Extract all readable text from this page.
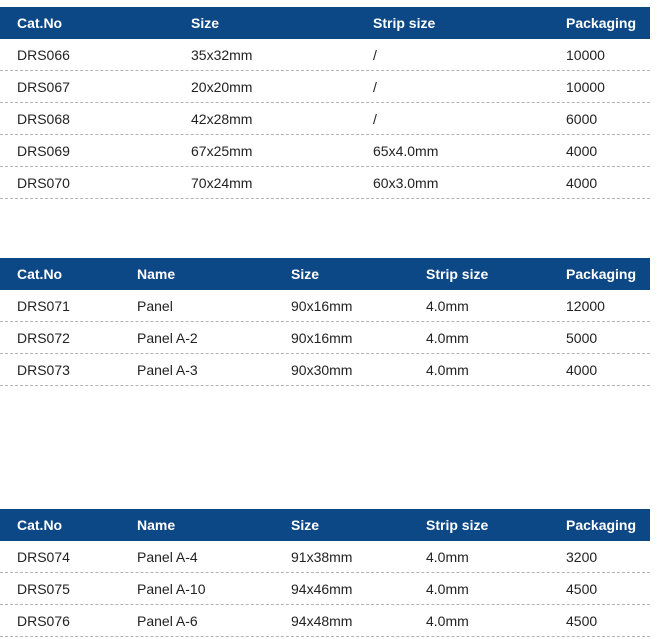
Cat.No	Size	Strip size	Packaging
DRS066	35x32mm	/	10000
DRS067	20x20mm	/	10000
DRS068	42x28mm	/	6000
DRS069	67x25mm	65x4.0mm	4000
DRS070	70x24mm	60x3.0mm	4000
Cat.No	Name	Size	Strip size	Packaging
DRS071	Panel	90x16mm	4.0mm	12000
DRS072	Panel A-2	90x16mm	4.0mm	5000
DRS073	Panel A-3	90x30mm	4.0mm	4000
Cat.No	Name	Size	Strip size	Packaging
DRS074	Panel A-4	91x38mm	4.0mm	3200
DRS075	Panel A-10	94x46mm	4.0mm	4500
DRS076	Panel A-6	94x48mm	4.0mm	4500
